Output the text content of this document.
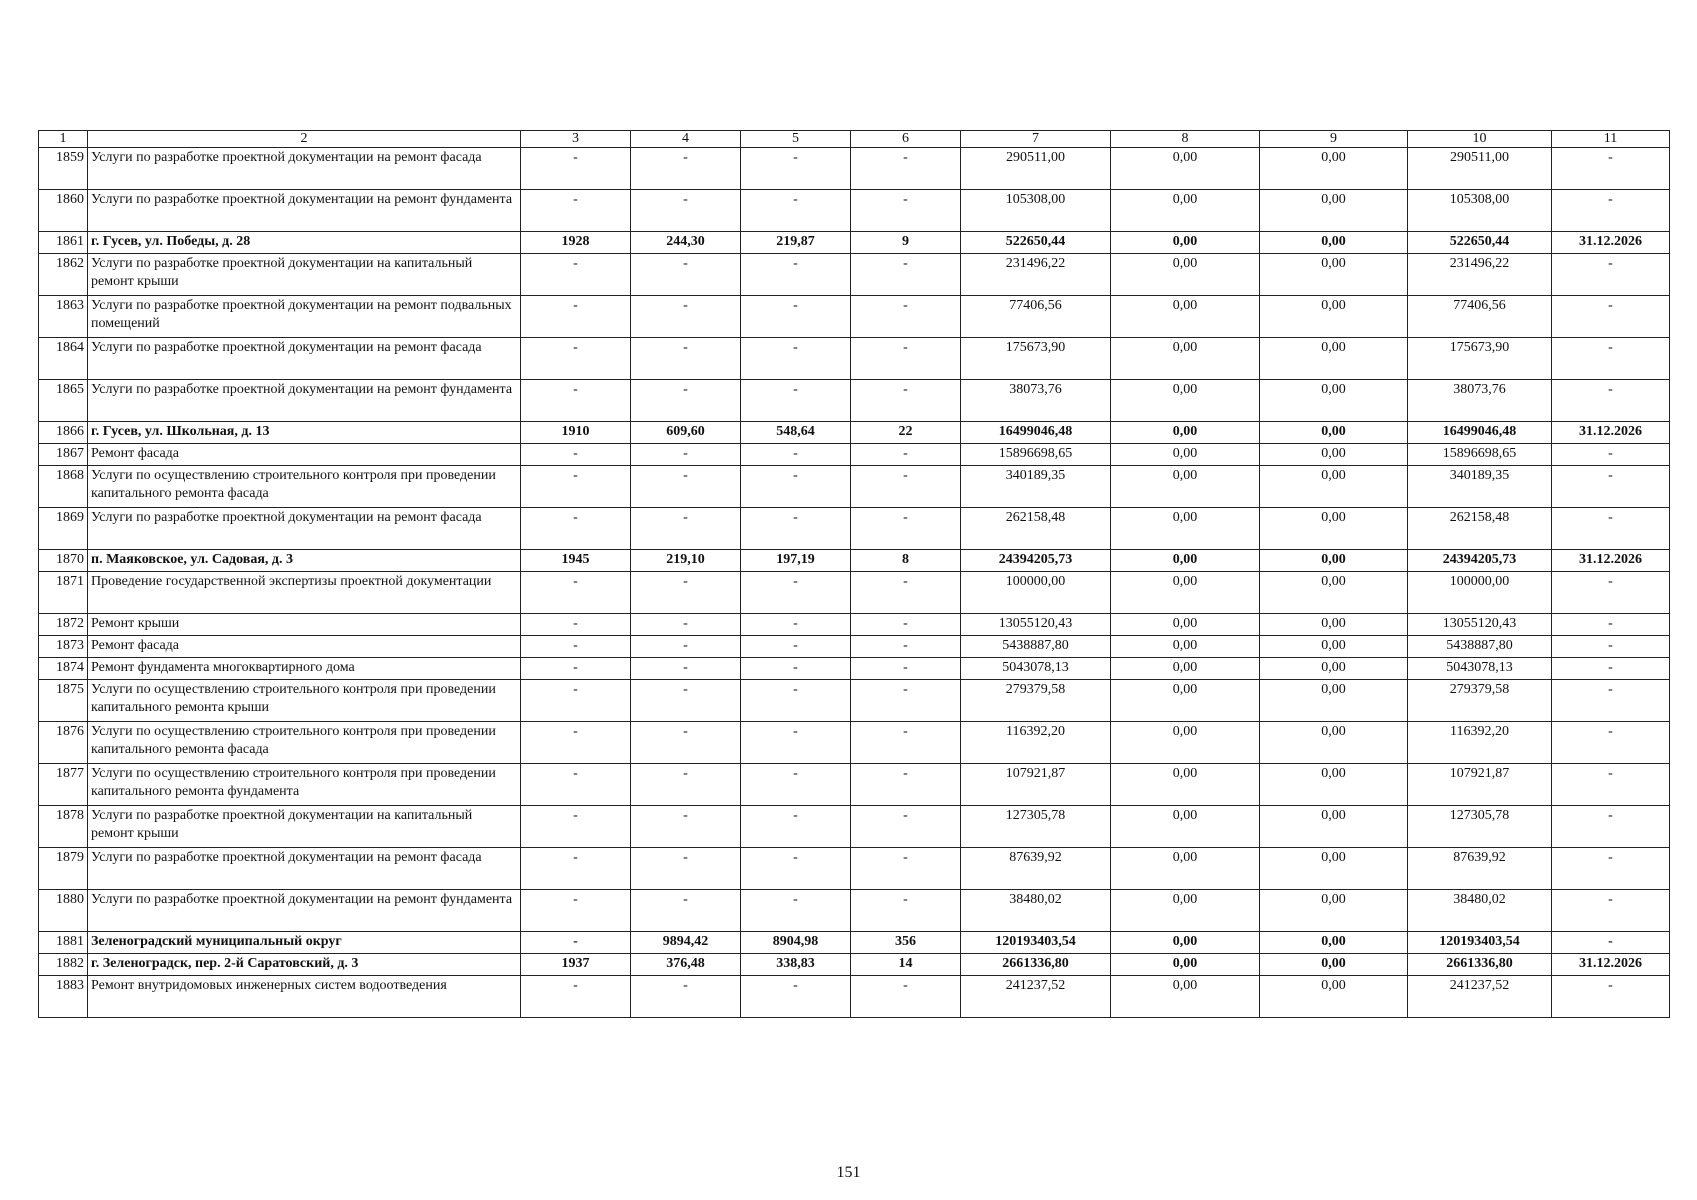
1	2	3	4	5	6	7	8	9	10	11
1859	Услуги по разработке проектной документации на ремонт фасада	-	-	-	-	290511,00	0,00	0,00	290511,00	-
1860	Услуги по разработке проектной документации на ремонт фундамента	-	-	-	-	105308,00	0,00	0,00	105308,00	-
1861	г. Гусев, ул. Победы, д. 28	1928	244,30	219,87	9	522650,44	0,00	0,00	522650,44	31.12.2026
1862	Услуги по разработке проектной документации на капитальный ремонт крыши	-	-	-	-	231496,22	0,00	0,00	231496,22	-
1863	Услуги по разработке проектной документации на ремонт подвальных помещений	-	-	-	-	77406,56	0,00	0,00	77406,56	-
1864	Услуги по разработке проектной документации на ремонт фасада	-	-	-	-	175673,90	0,00	0,00	175673,90	-
1865	Услуги по разработке проектной документации на ремонт фундамента	-	-	-	-	38073,76	0,00	0,00	38073,76	-
1866	г. Гусев, ул. Школьная, д. 13	1910	609,60	548,64	22	16499046,48	0,00	0,00	16499046,48	31.12.2026
1867	Ремонт фасада	-	-	-	-	15896698,65	0,00	0,00	15896698,65	-
1868	Услуги по осуществлению строительного контроля при проведении капитального ремонта фасада	-	-	-	-	340189,35	0,00	0,00	340189,35	-
1869	Услуги по разработке проектной документации на ремонт фасада	-	-	-	-	262158,48	0,00	0,00	262158,48	-
1870	п. Маяковское, ул. Садовая, д. 3	1945	219,10	197,19	8	24394205,73	0,00	0,00	24394205,73	31.12.2026
1871	Проведение государственной экспертизы проектной документации	-	-	-	-	100000,00	0,00	0,00	100000,00	-
1872	Ремонт крыши	-	-	-	-	13055120,43	0,00	0,00	13055120,43	-
1873	Ремонт фасада	-	-	-	-	5438887,80	0,00	0,00	5438887,80	-
1874	Ремонт фундамента многоквартирного дома	-	-	-	-	5043078,13	0,00	0,00	5043078,13	-
1875	Услуги по осуществлению строительного контроля при проведении капитального ремонта крыши	-	-	-	-	279379,58	0,00	0,00	279379,58	-
1876	Услуги по осуществлению строительного контроля при проведении капитального ремонта фасада	-	-	-	-	116392,20	0,00	0,00	116392,20	-
1877	Услуги по осуществлению строительного контроля при проведении капитального ремонта фундамента	-	-	-	-	107921,87	0,00	0,00	107921,87	-
1878	Услуги по разработке проектной документации на капитальный ремонт крыши	-	-	-	-	127305,78	0,00	0,00	127305,78	-
1879	Услуги по разработке проектной документации на ремонт фасада	-	-	-	-	87639,92	0,00	0,00	87639,92	-
1880	Услуги по разработке проектной документации на ремонт фундамента	-	-	-	-	38480,02	0,00	0,00	38480,02	-
1881	Зеленоградский муниципальный округ	-	9894,42	8904,98	356	120193403,54	0,00	0,00	120193403,54	-
1882	г. Зеленоградск, пер. 2-й Саратовский, д. 3	1937	376,48	338,83	14	2661336,80	0,00	0,00	2661336,80	31.12.2026
1883	Ремонт внутридомовых инженерных систем водоотведения	-	-	-	-	241237,52	0,00	0,00	241237,52	-
151
